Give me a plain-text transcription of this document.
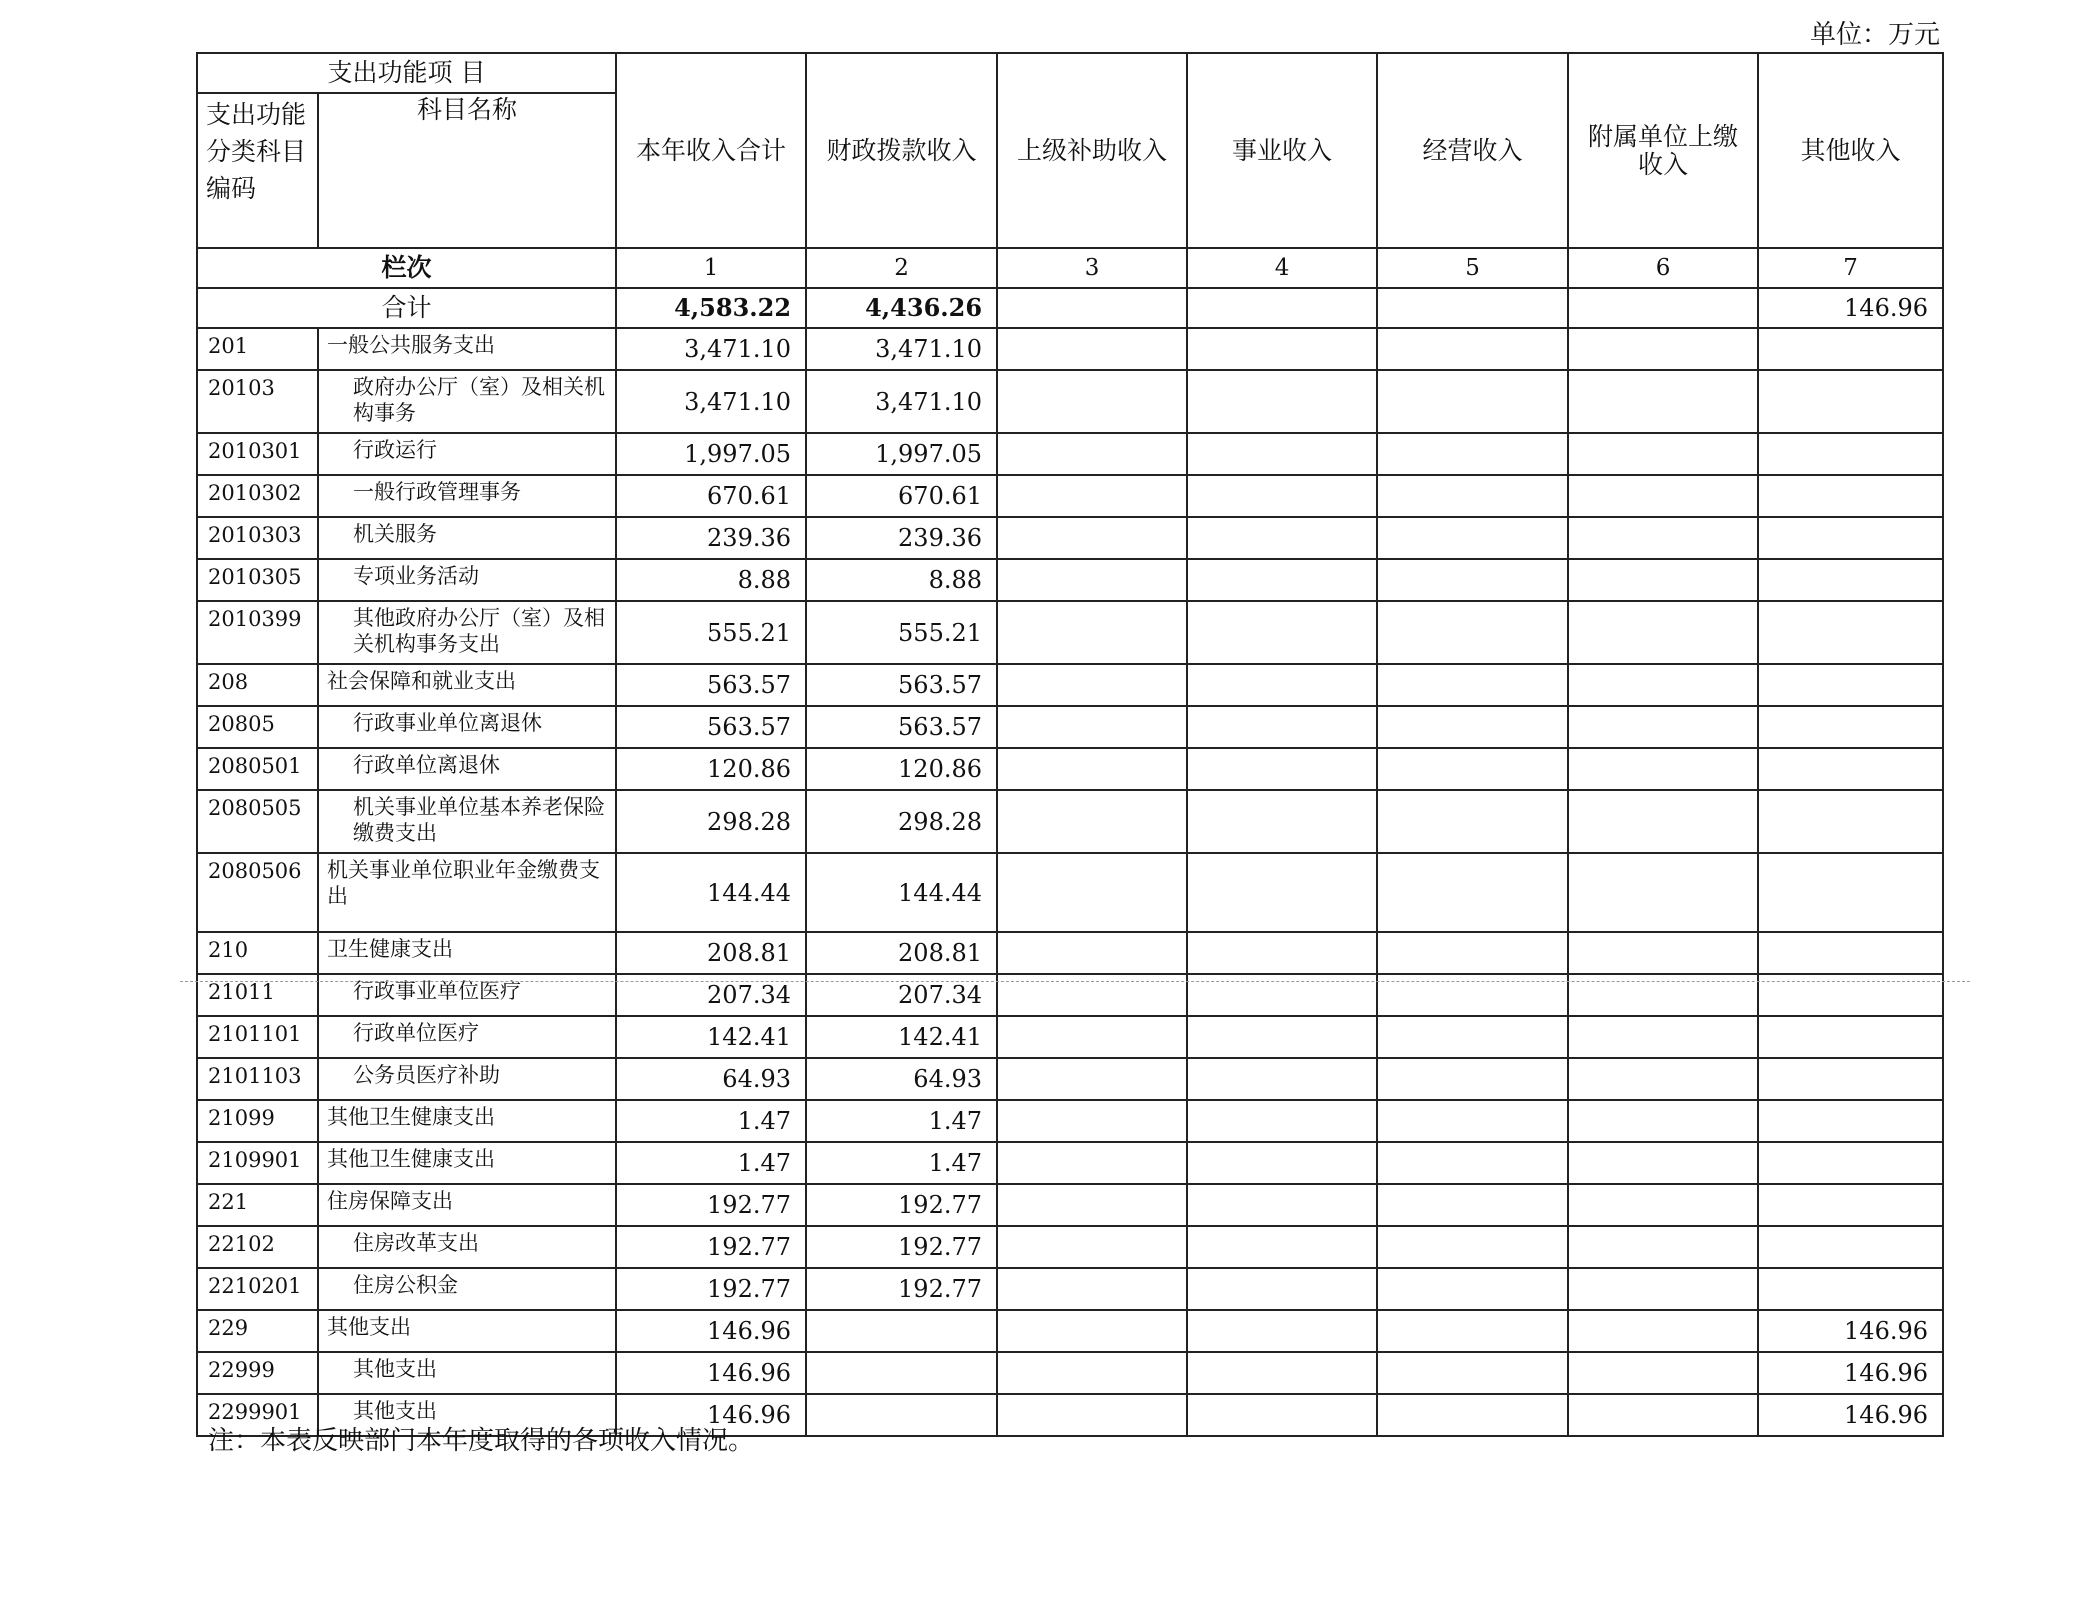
单位：万元
支出功能项 目		本年收入合计	财政拨款收入	上级补助收入	事业收入	经营收入	附属单位上缴收入	其他收入
支出功能分类科目编码	科目名称							
栏次		1	2	3	4	5	6	7
合计		4,583.22	4,436.26					146.96
201	一般公共服务支出	3,471.10	3,471.10					
20103	政府办公厅（室）及相关机构事务	3,471.10	3,471.10					
2010301	行政运行	1,997.05	1,997.05					
2010302	一般行政管理事务	670.61	670.61					
2010303	机关服务	239.36	239.36					
2010305	专项业务活动	8.88	8.88					
2010399	其他政府办公厅（室）及相关机构事务支出	555.21	555.21					
208	社会保障和就业支出	563.57	563.57					
20805	行政事业单位离退休	563.57	563.57					
2080501	行政单位离退休	120.86	120.86					
2080505	机关事业单位基本养老保险缴费支出	298.28	298.28					
2080506	机关事业单位职业年金缴费支出	144.44	144.44					
210	卫生健康支出	208.81	208.81					
21011	行政事业单位医疗	207.34	207.34					
2101101	行政单位医疗	142.41	142.41					
2101103	公务员医疗补助	64.93	64.93					
21099	其他卫生健康支出	1.47	1.47					
2109901	其他卫生健康支出	1.47	1.47					
221	住房保障支出	192.77	192.77					
22102	住房改革支出	192.77	192.77					
2210201	住房公积金	192.77	192.77					
229	其他支出	146.96						146.96
22999	其他支出	146.96						146.96
2299901	其他支出	146.96						146.96
注：本表反映部门本年度取得的各项收入情况。
